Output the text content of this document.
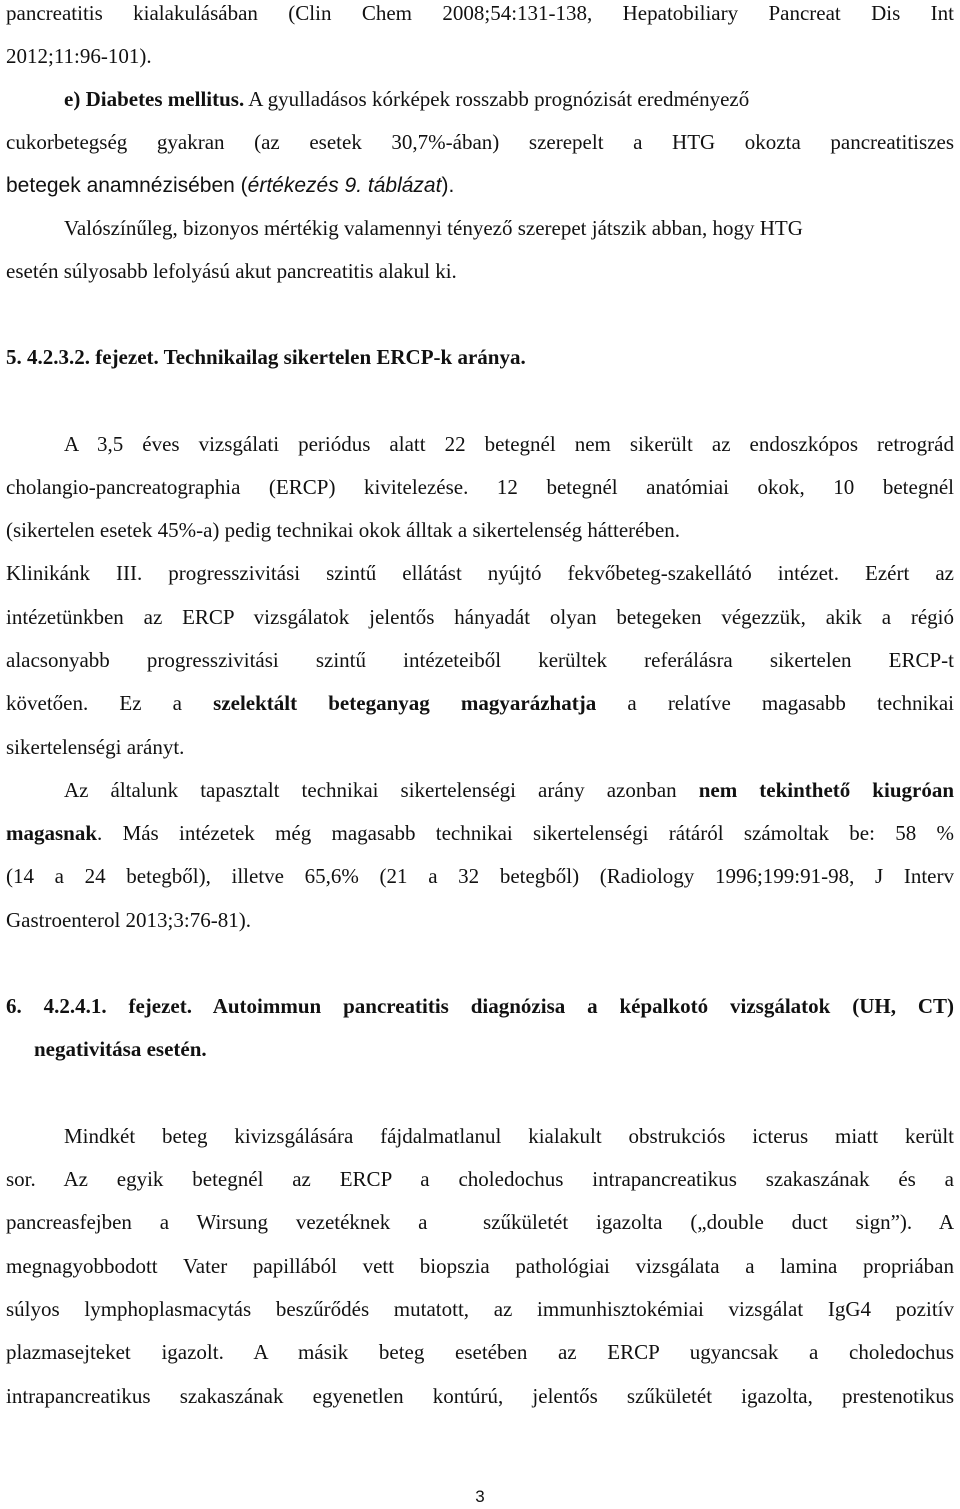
pancreatitis kialakulásában (Clin Chem 2008;54:131-138, Hepatobiliary Pancreat Dis Int
2012;11:96-101).
e) Diabetes mellitus. A gyulladásos kórképek rosszabb prognózisát eredményező
cukorbetegség gyakran (az esetek 30,7%-ában) szerepelt a HTG okozta pancreatitiszes
betegek anamnézisében (értékezés 9. táblázat).
Valószínűleg, bizonyos mértékig valamennyi tényező szerepet játszik abban, hogy HTG
esetén súlyosabb lefolyású akut pancreatitis alakul ki.
5. 4.2.3.2. fejezet. Technikailag sikertelen ERCP-k aránya.
A 3,5 éves vizsgálati periódus alatt 22 betegnél nem sikerült az endoszkópos retrográd
cholangio-pancreatographia (ERCP) kivitelezése. 12 betegnél anatómiai okok, 10 betegnél
(sikertelen esetek 45%-a) pedig technikai okok álltak a sikertelenség hátterében.
Klinikánk III. progresszivitási szintű ellátást nyújtó fekvőbeteg-szakellátó intézet. Ezért az
intézetünkben az ERCP vizsgálatok jelentős hányadát olyan betegeken végezzük, akik a régió
alacsonyabb progresszivitási szintű intézeteiből kerültek referálásra sikertelen ERCP-t
követően. Ez a szelektált beteganyag magyarázhatja a relatíve magasabb technikai
sikertelenségi arányt.
Az általunk tapasztalt technikai sikertelenségi arány azonban nem tekinthető kiugróan
magasnak. Más intézetek még magasabb technikai sikertelenségi rátáról számoltak be: 58 %
(14 a 24 betegből), illetve 65,6% (21 a 32 betegből) (Radiology 1996;199:91-98, J Interv
Gastroenterol 2013;3:76-81).
6. 4.2.4.1. fejezet. Autoimmun pancreatitis diagnózisa a képalkotó vizsgálatok (UH, CT)
negativitása esetén.
Mindkét beteg kivizsgálására fájdalmatlanul kialakult obstrukciós icterus miatt került
sor. Az egyik betegnél az ERCP a choledochus intrapancreatikus szakaszának és a
pancreasfejben a Wirsung vezetéknek a  szűkületét igazolta („double duct sign”). A
megnagyobbodott Vater papillából vett biopszia pathológiai vizsgálata a lamina propriában
súlyos lymphoplasmacytás beszűrődés mutatott, az immunhisztokémiai vizsgálat IgG4 pozitív
plazmasejteket igazolt. A másik beteg esetében az ERCP ugyancsak a choledochus
intrapancreatikus szakaszának egyenetlen kontúrú, jelentős szűkületét igazolta, prestenotikus
3
